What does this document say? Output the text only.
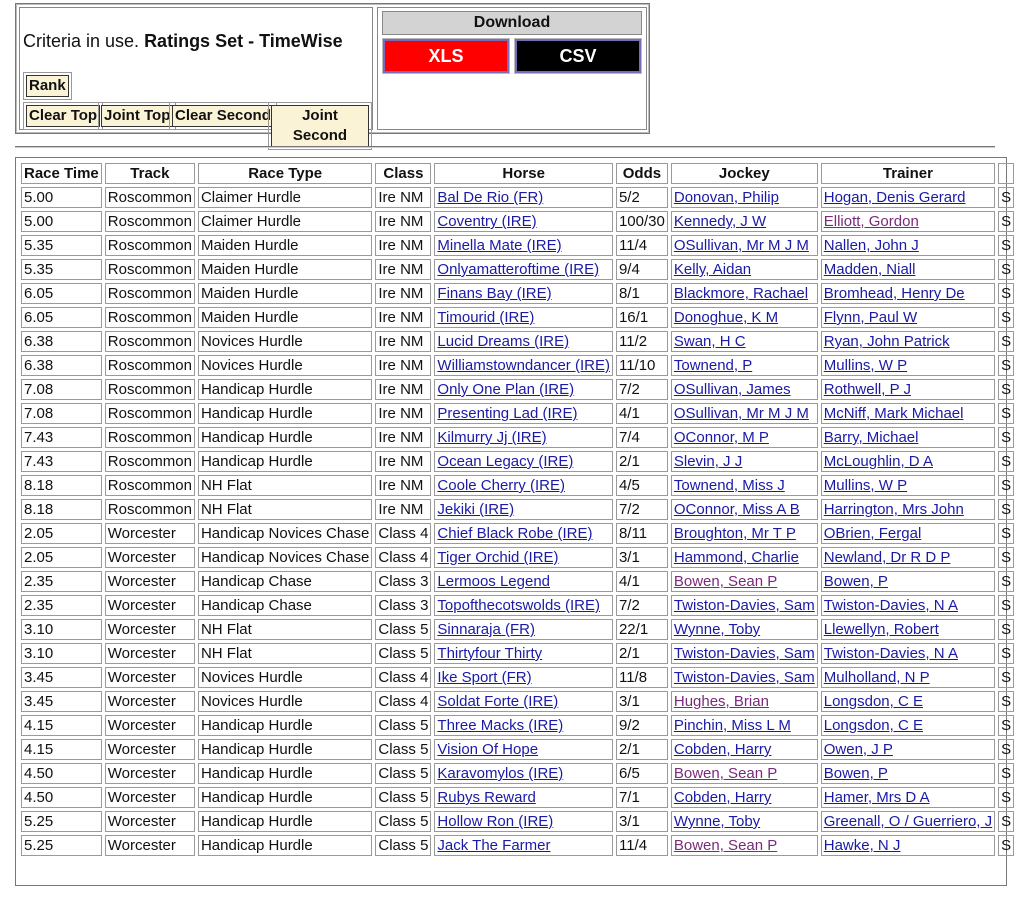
Criteria in use. Ratings Set - TimeWise
Rank
Clear Top Joint Top Clear Second	Joint Second
Download
XLS	CSV
Race Time	Track	Race Type	Class	Horse	Odds	Jockey	Trainer	
5.00	Roscommon	Claimer Hurdle	Ire NM	Bal De Rio (FR)	5/2	Donovan, Philip	Hogan, Denis Gerard	S
5.00	Roscommon	Claimer Hurdle	Ire NM	Coventry (IRE)	100/30	Kennedy, J W	Elliott, Gordon	S
5.35	Roscommon	Maiden Hurdle	Ire NM	Minella Mate (IRE)	11/4	OSullivan, Mr M J M	Nallen, John J	S
5.35	Roscommon	Maiden Hurdle	Ire NM	Onlyamatteroftime (IRE)	9/4	Kelly, Aidan	Madden, Niall	S
6.05	Roscommon	Maiden Hurdle	Ire NM	Finans Bay (IRE)	8/1	Blackmore, Rachael	Bromhead, Henry De	S
6.05	Roscommon	Maiden Hurdle	Ire NM	Timourid (IRE)	16/1	Donoghue, K M	Flynn, Paul W	S
6.38	Roscommon	Novices Hurdle	Ire NM	Lucid Dreams (IRE)	11/2	Swan, H C	Ryan, John Patrick	S
6.38	Roscommon	Novices Hurdle	Ire NM	Williamstowndancer (IRE)	11/10	Townend, P	Mullins, W P	S
7.08	Roscommon	Handicap Hurdle	Ire NM	Only One Plan (IRE)	7/2	OSullivan, James	Rothwell, P J	S
7.08	Roscommon	Handicap Hurdle	Ire NM	Presenting Lad (IRE)	4/1	OSullivan, Mr M J M	McNiff, Mark Michael	S
7.43	Roscommon	Handicap Hurdle	Ire NM	Kilmurry Jj (IRE)	7/4	OConnor, M P	Barry, Michael	S
7.43	Roscommon	Handicap Hurdle	Ire NM	Ocean Legacy (IRE)	2/1	Slevin, J J	McLoughlin, D A	S
8.18	Roscommon	NH Flat	Ire NM	Coole Cherry (IRE)	4/5	Townend, Miss J	Mullins, W P	S
8.18	Roscommon	NH Flat	Ire NM	Jekiki (IRE)	7/2	OConnor, Miss A B	Harrington, Mrs John	S
2.05	Worcester	Handicap Novices Chase	Class 4	Chief Black Robe (IRE)	8/11	Broughton, Mr T P	OBrien, Fergal	S
2.05	Worcester	Handicap Novices Chase	Class 4	Tiger Orchid (IRE)	3/1	Hammond, Charlie	Newland, Dr R D P	S
2.35	Worcester	Handicap Chase	Class 3	Lermoos Legend	4/1	Bowen, Sean P	Bowen, P	S
2.35	Worcester	Handicap Chase	Class 3	Topofthecotswolds (IRE)	7/2	Twiston-Davies, Sam	Twiston-Davies, N A	S
3.10	Worcester	NH Flat	Class 5	Sinnaraja (FR)	22/1	Wynne, Toby	Llewellyn, Robert	S
3.10	Worcester	NH Flat	Class 5	Thirtyfour Thirty	2/1	Twiston-Davies, Sam	Twiston-Davies, N A	S
3.45	Worcester	Novices Hurdle	Class 4	Ike Sport (FR)	11/8	Twiston-Davies, Sam	Mulholland, N P	S
3.45	Worcester	Novices Hurdle	Class 4	Soldat Forte (IRE)	3/1	Hughes, Brian	Longsdon, C E	S
4.15	Worcester	Handicap Hurdle	Class 5	Three Macks (IRE)	9/2	Pinchin, Miss L M	Longsdon, C E	S
4.15	Worcester	Handicap Hurdle	Class 5	Vision Of Hope	2/1	Cobden, Harry	Owen, J P	S
4.50	Worcester	Handicap Hurdle	Class 5	Karavomylos (IRE)	6/5	Bowen, Sean P	Bowen, P	S
4.50	Worcester	Handicap Hurdle	Class 5	Rubys Reward	7/1	Cobden, Harry	Hamer, Mrs D A	S
5.25	Worcester	Handicap Hurdle	Class 5	Hollow Ron (IRE)	3/1	Wynne, Toby	Greenall, O / Guerriero, J	S
5.25	Worcester	Handicap Hurdle	Class 5	Jack The Farmer	11/4	Bowen, Sean P	Hawke, N J	S
